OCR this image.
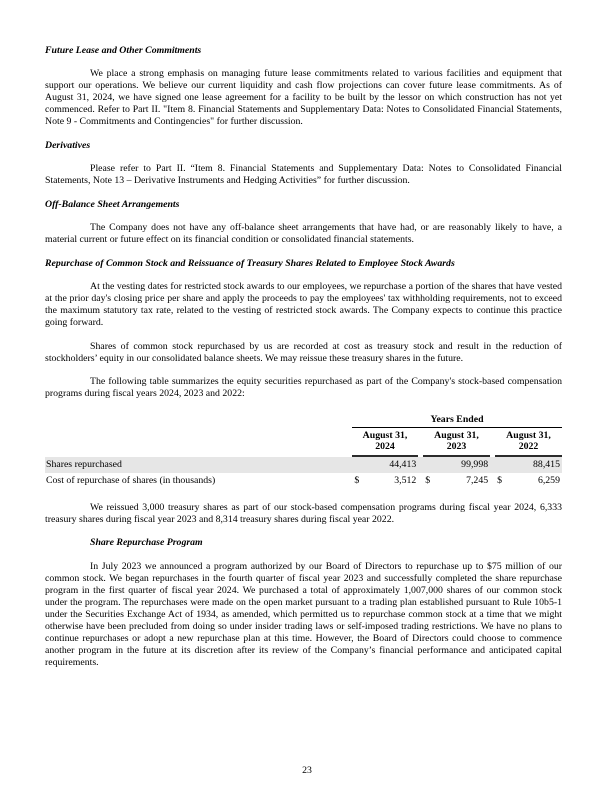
Future Lease and Other Commitments

We place a strong emphasis on managing future lease commitments related to various facilities and equipment that support our operations. We believe our current liquidity and cash flow projections can cover future lease commitments. As of August 31, 2024, we have signed one lease agreement for a facility to be built by the lessor on which construction has not yet commenced. Refer to Part II. "Item 8. Financial Statements and Supplementary Data: Notes to Consolidated Financial Statements, Note 9 - Commitments and Contingencies" for further discussion.

Derivatives

Please refer to Part II. “Item 8. Financial Statements and Supplementary Data: Notes to Consolidated Financial Statements, Note 13 – Derivative Instruments and Hedging Activities” for further discussion.

Off-Balance Sheet Arrangements

The Company does not have any off-balance sheet arrangements that have had, or are reasonably likely to have, a material current or future effect on its financial condition or consolidated financial statements.

Repurchase of Common Stock and Reissuance of Treasury Shares Related to Employee Stock Awards

At the vesting dates for restricted stock awards to our employees, we repurchase a portion of the shares that have vested at the prior day's closing price per share and apply the proceeds to pay the employees' tax withholding requirements, not to exceed the maximum statutory tax rate, related to the vesting of restricted stock awards. The Company expects to continue this practice going forward.

Shares of common stock repurchased by us are recorded at cost as treasury stock and result in the reduction of stockholders’ equity in our consolidated balance sheets. We may reissue these treasury shares in the future.

The following table summarizes the equity securities repurchased as part of the Company's stock-based compensation programs during fiscal years 2024, 2023 and 2022:

Years Ended
August 31,
2024
August 31,
2023
August 31,
2022
Shares repurchased	44,413	99,998	88,415
Cost of repurchase of shares (in thousands)	$	3,512 $	7,245 $	6,259

We reissued 3,000 treasury shares as part of our stock-based compensation programs during fiscal year 2024, 6,333 treasury shares during fiscal year 2023 and 8,314 treasury shares during fiscal year 2022.

Share Repurchase Program

In July 2023 we announced a program authorized by our Board of Directors to repurchase up to $75 million of our common stock. We began repurchases in the fourth quarter of fiscal year 2023 and successfully completed the share repurchase program in the first quarter of fiscal year 2024. We purchased a total of approximately 1,007,000 shares of our common stock under the program. The repurchases were made on the open market pursuant to a trading plan established pursuant to Rule 10b5-1 under the Securities Exchange Act of 1934, as amended, which permitted us to repurchase common stock at a time that we might otherwise have been precluded from doing so under insider trading laws or self-imposed trading restrictions. We have no plans to continue repurchases or adopt a new repurchase plan at this time. However, the Board of Directors could choose to commence another program in the future at its discretion after its review of the Company’s financial performance and anticipated capital requirements.

23
